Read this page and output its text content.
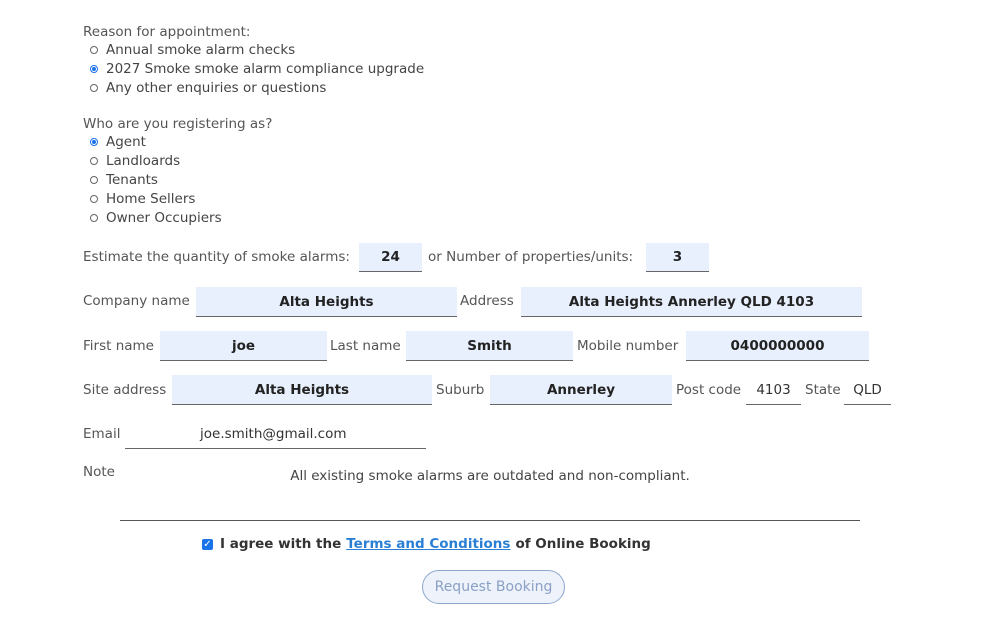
Reason for appointment:
Annual smoke alarm checks
2027 Smoke smoke alarm compliance upgrade
Any other enquiries or questions
Who are you registering as?
Agent
Landloards
Tenants
Home Sellers
Owner Occupiers
Estimate the quantity of smoke alarms:	24	or Number of properties/units:	3
Company name	Alta Heights	Address	Alta Heights Annerley QLD 4103
First name	joe	Last name	Smith	Mobile number	0400000000
Site address	Alta Heights	Suburb	Annerley	Post code	4103	State QLD
Email	joe.smith@gmail.com
Note	All existing smoke alarms are outdated and non-compliant.
✓ I agree with the Terms and Conditions of Online Booking
Request Booking
